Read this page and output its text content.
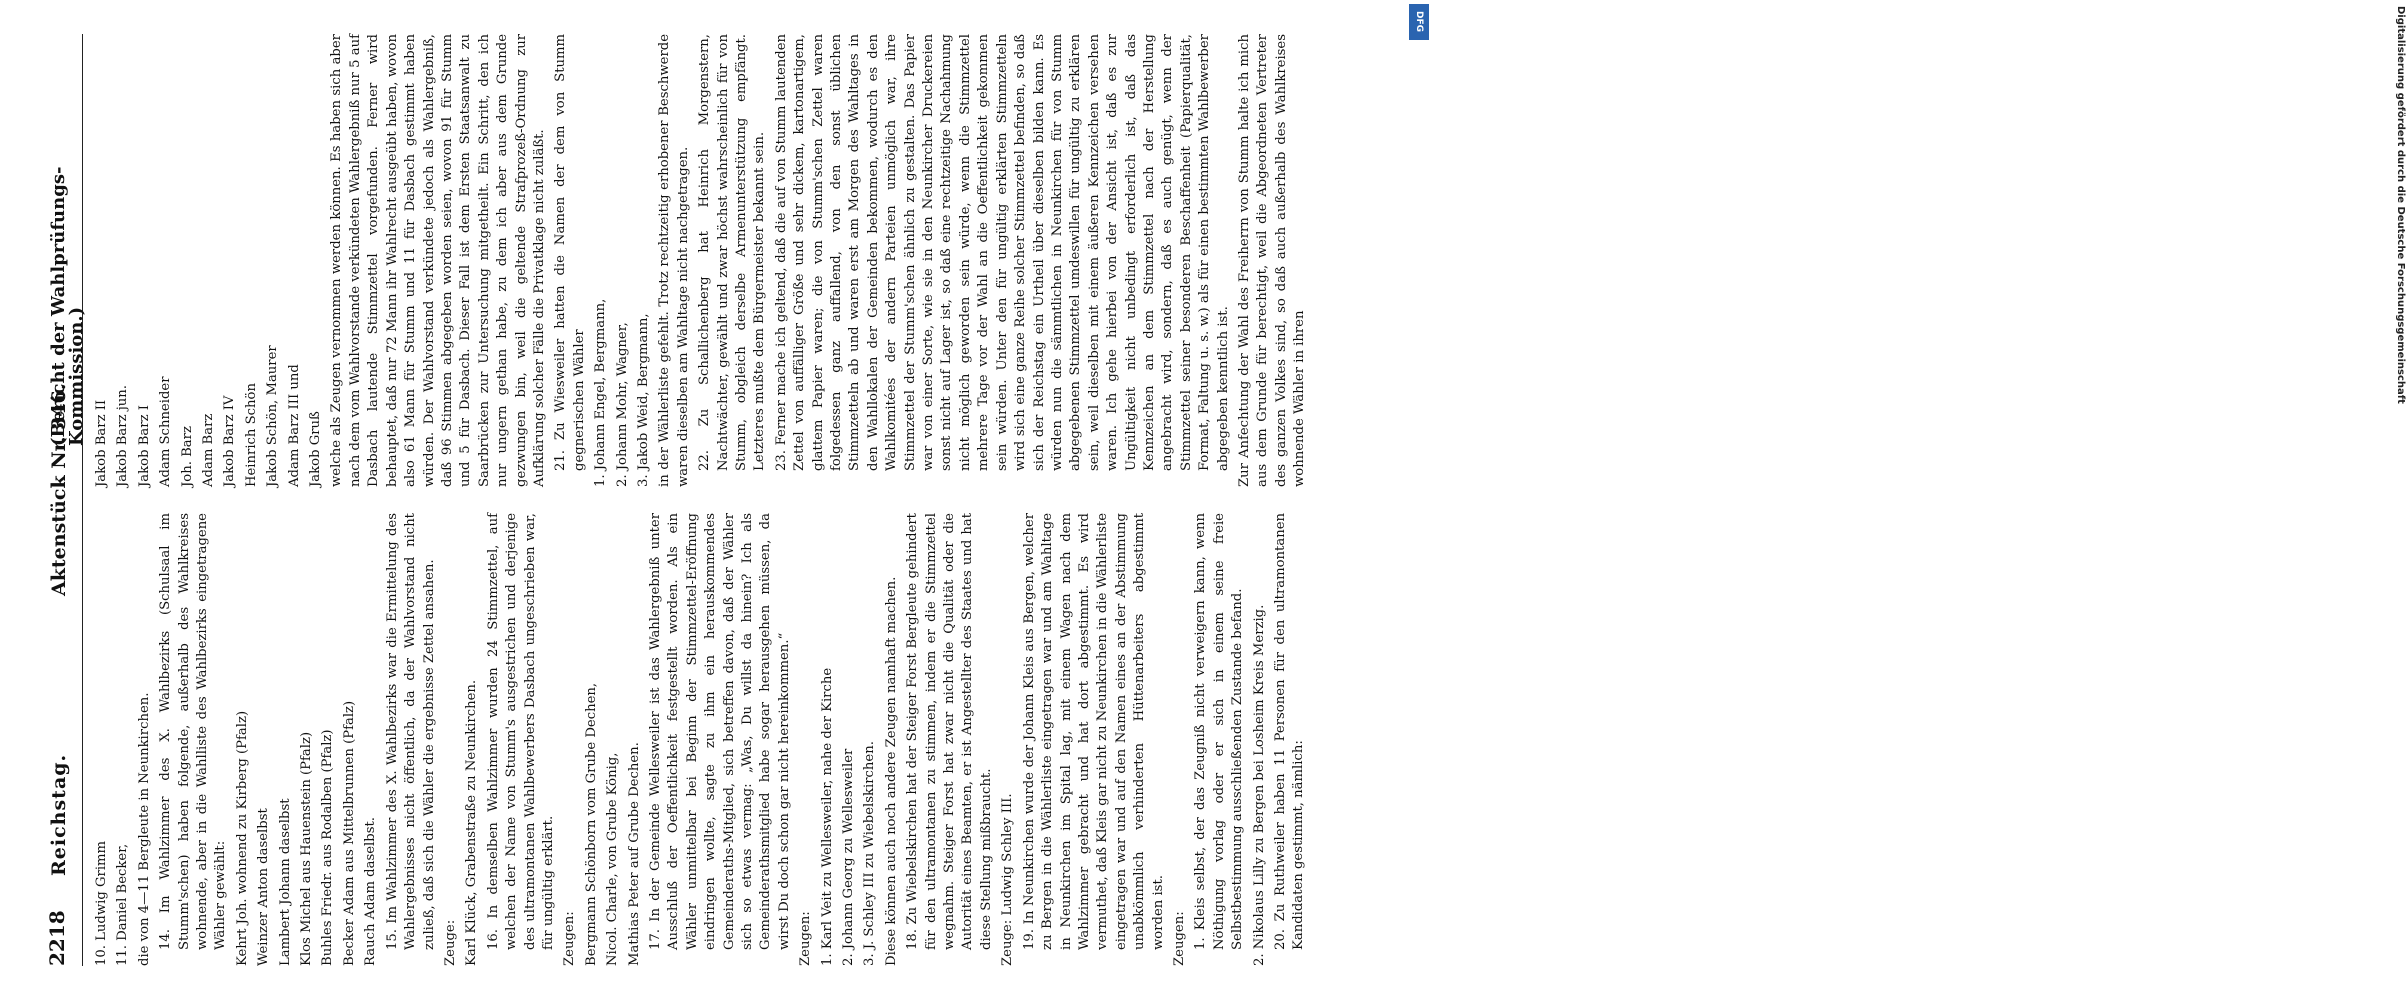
2218
Reichstag.
Aktenstück Nr. 346.
(Bericht der Wahlprüfungs-Kommission.)

10. Ludwig Grimm 11. Daniel Becker, die von 4—11 Bergleute in Neunkirchen. 14. Im Wahlzimmer des X. Wahlbezirks (Schulsaal im Stumm'schen) haben folgende, außerhalb des Wahlkreises wohnende, aber in die Wahlliste des Wahlbezirks eingetragene Wähler gewählt: Kehrt Joh. wohnend zu Kirberg (Pfalz) Weinzer Anton daselbst Lambert Johann daselbst Klos Michel aus Hauenstein (Pfalz) Buhles Friedr. aus Rodalben (Pfalz) Becker Adam aus Mittelbrunnen (Pfalz) Rauch Adam daselbst. 15. Im Wahlzimmer des X. Wahlbezirks war die Ermittelung des Wahlergebnisses nicht öffentlich, da der Wahlvorstand nicht zuließ, daß sich die Wähler die ergebnisse Zettel ansahen. Zeuge: Karl Klück, Grabenstraße zu Neunkirchen. 16. In demselben Wahlzimmer wurden 24 Stimmzettel, auf welchen der Name von Stumm's ausgestrichen und derjenige des ultramontanen Wahlbewerbers Dasbach ungeschrieben war, für ungültig erklärt. Zeugen: Bergmann Schönborn vom Grube Dechen, Nicol. Charle, von Grube König, Mathias Peter auf Grube Dechen. 17. In der Gemeinde Wellesweiler ist das Wahlergebniß unter Ausschluß der Oeffentlichkeit festgestellt worden. Als ein Wähler unmittelbar bei Beginn der Stimmzettel-Eröffnung eindringen wollte, sagte zu ihm ein herauskommendes Gemeinderaths-Mitglied, sich betreffen davon, daß der Wähler sich so etwas vermag: „Was, Du willst da hinein? Ich als Gemeinderathsmitglied habe sogar herausgehen müssen, da wirst Du doch schon gar nicht hereinkommen.“ Zeugen: 1. Karl Veit zu Wellesweiler, nahe der Kirche 2. Johann Georg zu Wellesweiler 3. J. Schley III zu Wiebelskirchen. Diese können auch noch andere Zeugen namhaft machen. 18. Zu Wiebelskirchen hat der Steiger Forst Bergleute gehindert für den ultramontanen zu stimmen, indem er die Stimmzettel wegnahm. Steiger Forst hat zwar nicht die Qualität oder die Autorität eines Beamten, er ist Angestellter des Staates und hat diese Stellung mißbraucht. Zeuge: Ludwig Schley III. 19. In Neunkirchen wurde der Johann Kleis aus Bergen, welcher zu Bergen in die Wählerliste eingetragen war und am Wahltage in Neunkirchen im Spital lag, mit einem Wagen nach dem Wahlzimmer gebracht und hat dort abgestimmt. Es wird vermuthet, daß Kleis gar nicht zu Neunkirchen in die Wählerliste eingetragen war und auf den Namen eines an der Abstimmung unabkömmlich verhinderten Hüttenarbeiters abgestimmt worden ist. Zeugen: 1. Kleis selbst, der das Zeugniß nicht verweigern kann, wenn Nöthigung vorlag oder er sich in einem seine freie Selbstbestimmung ausschließenden Zustande befand. 2. Nikolaus Lilly zu Bergen bei Losheim Kreis Merzig. 20. Zu Ruthweiler haben 11 Personen für den ultramontanen Kandidaten gestimmt, nämlich:

Jakob Barz II Jakob Barz jun. Jakob Barz I Adam Schneider Joh. Barz Adam Barz Jakob Barz IV Heinrich Schön Jakob Schön, Maurer Adam Barz III und Jakob Gruß welche als Zeugen vernommen werden können. Es haben sich aber nach dem vom Wahlvorstande verkündeten Wahlergebniß nur 5 auf Dasbach lautende Stimmzettel vorgefunden. Ferner wird behauptet, daß nur 72 Mann ihr Wahlrecht ausgeübt haben, wovon also 61 Mann für Stumm und 11 für Dasbach gestimmt haben würden. Der Wahlvorstand verkündete jedoch als Wahlergebniß, daß 96 Stimmen abgegeben worden seien, wovon 91 für Stumm und 5 für Dasbach. Dieser Fall ist dem Ersten Staatsanwalt zu Saarbrücken zur Untersuchung mitgetheilt. Ein Schritt, den ich nur ungern gethan habe, zu dem ich aber aus dem Grunde gezwungen bin, weil die geltende Strafprozeß-Ordnung zur Aufklärung solcher Fälle die Privatklage nicht zuläßt. 21. Zu Wiesweiler hatten die Namen der dem von Stumm gegnerischen Wähler 1. Johann Engel, Bergmann, 2. Johann Mohr, Wagner, 3. Jakob Weid, Bergmann, in der Wählerliste gefehlt. Trotz rechtzeitig erhobener Beschwerde waren dieselben am Wahltage nicht nachgetragen. 22. Zu Schallichenberg hat Heinrich Morgenstern, Nachtwächter, gewählt und zwar höchst wahrscheinlich für von Stumm, obgleich derselbe Armenunterstützung empfängt. Letzteres mußte dem Bürgermeister bekannt sein. 23. Ferner mache ich geltend, daß die auf von Stumm lautenden Zettel von auffälliger Größe und sehr dickem, kartonartigem, glattem Papier waren; die von Stumm'schen Zettel waren folgedessen ganz auffallend, von den sonst üblichen Stimmzetteln ab und waren erst am Morgen des Wahltages in den Wahllokalen der Gemeinden bekommen, wodurch es den Wahlkomitées der andern Parteien unmöglich war, ihre Stimmzettel der Stumm'schen ähnlich zu gestalten. Das Papier war von einer Sorte, wie sie in den Neunkircher Druckereien sonst nicht auf Lager ist, so daß eine rechtzeitige Nachahmung nicht möglich geworden sein würde, wenn die Stimmzettel mehrere Tage vor der Wahl an die Oeffentlichkeit gekommen sein würden. Unter den für ungültig erklärten Stimmzetteln wird sich eine ganze Reihe solcher Stimmzettel befinden, so daß sich der Reichstag ein Urtheil über dieselben bilden kann. Es würden nun die sämmtlichen in Neunkirchen für von Stumm abgegebenen Stimmzettel umdeswillen für ungültig zu erklären sein, weil dieselben mit einem äußeren Kennzeichen versehen waren. Ich gehe hierbei von der Ansicht ist, daß es zur Ungültigkeit nicht unbedingt erforderlich ist, daß das Kennzeichen an dem Stimmzettel nach der Herstellung angebracht wird, sondern, daß es auch genügt, wenn der Stimmzettel seiner besonderen Beschaffenheit (Papierqualität, Format, Faltung u. s. w.) als für einen bestimmten Wahlbewerber abgegeben kenntlich ist. Zur Anfechtung der Wahl des Freiherrn von Stumm halte ich mich aus dem Grunde für berechtigt, weil die Abgeordneten Vertreter des ganzen Volkes sind, so daß auch außerhalb des Wahlkreises wohnende Wähler in ihren

DFG	Digitalisierung gefördert durch die Deutsche Forschungsgemeinschaft
